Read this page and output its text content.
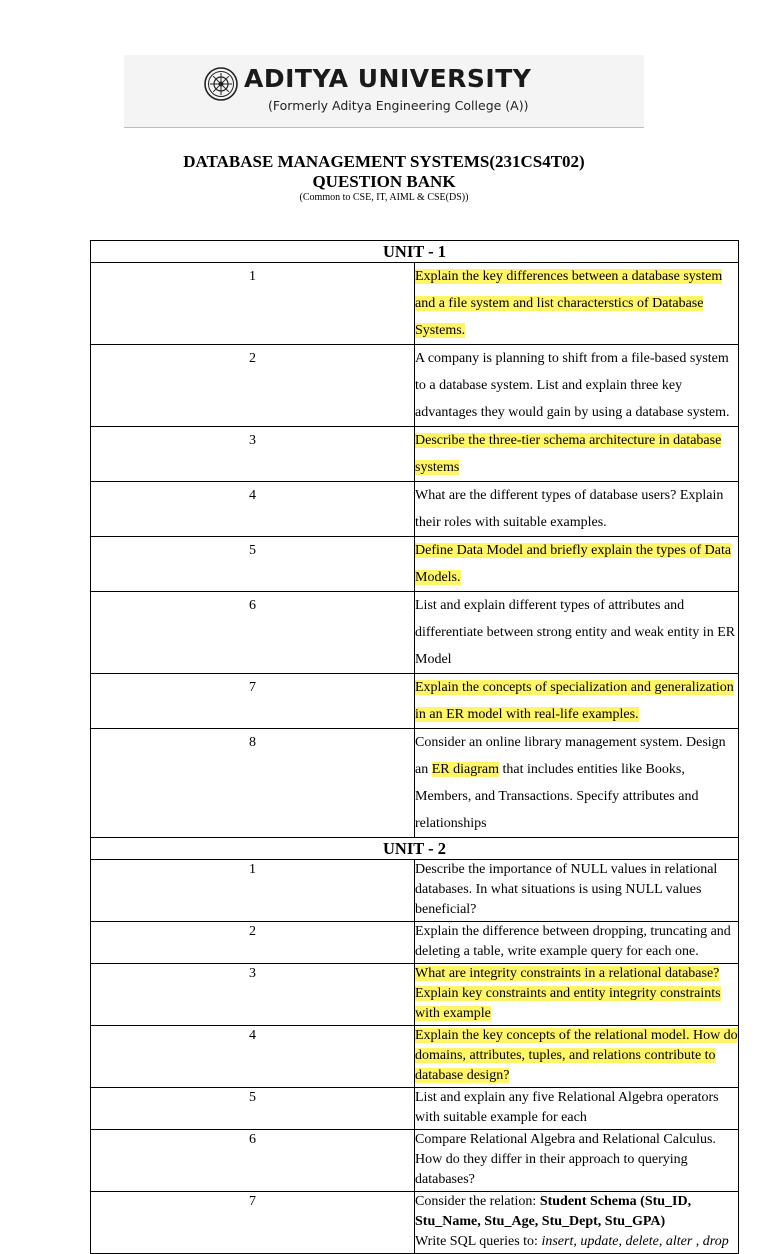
ADITYA UNIVERSITY
(Formerly Aditya Engineering College (A))
DATABASE MANAGEMENT SYSTEMS(231CS4T02)
QUESTION BANK
(Common to CSE, IT, AIML & CSE(DS))
UNIT - 1	
1	Explain the key differences between a database system and a file system and list characterstics of Database Systems.
2	A company is planning to shift from a file-based system to a database system. List and explain three key advantages they would gain by using a database system.
3	Describe the three-tier schema architecture in database systems
4	What are the different types of database users? Explain their roles with suitable examples.
5	Define Data Model and briefly explain the types of Data Models.
6	List and explain different types of attributes and differentiate between strong entity and weak entity in ER Model
7	Explain the concepts of specialization and generalization in an ER model with real-life examples.
8	Consider an online library management system. Design an ER diagram that includes entities like Books, Members, and Transactions. Specify attributes and relationships
UNIT - 2	
1	Describe the importance of NULL values in relational databases. In what situations is using NULL values beneficial?
2	Explain the difference between dropping, truncating and deleting a table, write example query for each one.
3	What are integrity constraints in a relational database? Explain key constraints and entity integrity constraints with example
4	Explain the key concepts of the relational model. How do domains, attributes, tuples, and relations contribute to database design?
5	List and explain any five Relational Algebra operators with suitable example for each
6	Compare Relational Algebra and Relational Calculus. How do they differ in their approach to querying databases?
7	Consider the relation: Student Schema (Stu_ID, Stu_Name, Stu_Age, Stu_Dept, Stu_GPA)
Write SQL queries to: insert, update, delete, alter , drop
